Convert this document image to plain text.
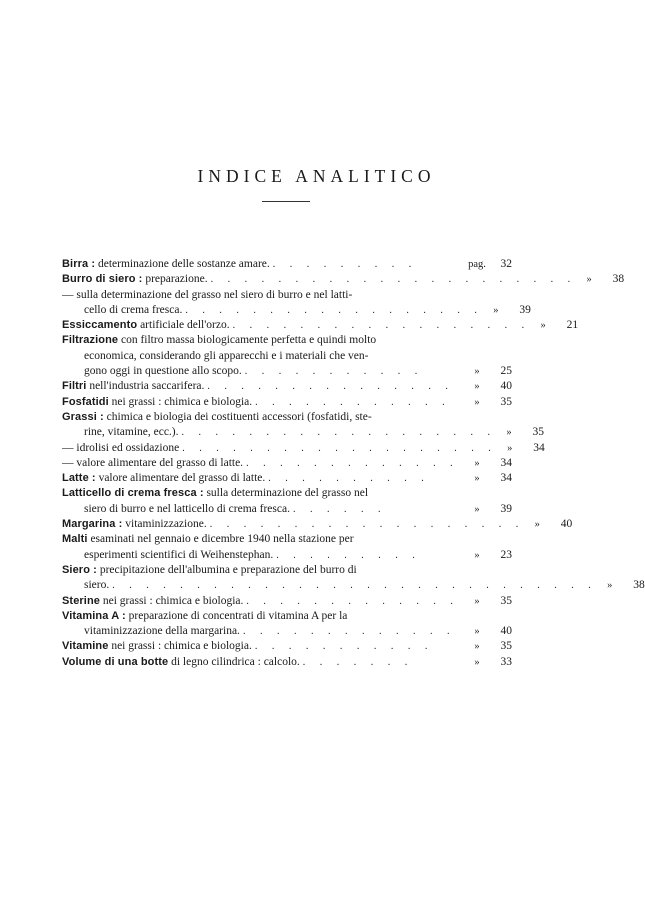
INDICE ANALITICO
Birra : determinazione delle sostanze amare. . . . . . . . . .	pag.	32
Burro di siero : preparazione. . . . . . . . . . . . . . . . . . . . . . . »	38
— sulla determinazione del grasso nel siero di burro e nel latti-
cello di crema fresca. . . . . . . . . . . . . . . . . . . »	39
Essiccamento artificiale dell'orzo. . . . . . . . . . . . . . . . . . . »	21
Filtrazione con filtro massa biologicamente perfetta e quindi molto
economica, considerando gli apparecchi e i materiali che ven-
gono oggi in questione allo scopo. . . . . . . . . . . .	»	25
Filtri nell'industria saccarifera. . . . . . . . . . . . . . . .	»	40
Fosfatidi nei grassi : chimica e biologia. . . . . . . . . . . . .	»	35
Grassi : chimica e biologia dei costituenti accessori (fosfatidi, ste-
rine, vitamine, ecc.). . . . . . . . . . . . . . . . . . . . »	35
— idrolisi ed ossidazione . . . . . . . . . . . . . . . . . . . »	34
— valore alimentare del grasso di latte. . . . . . . . . . . . . .	»	34
Latte : valore alimentare del grasso di latte. . . . . . . . . . .	»	34
Latticello di crema fresca : sulla determinazione del grasso nel
siero di burro e nel latticello di crema fresca. . . . . . .	»	39
Margarina : vitaminizzazione. . . . . . . . . . . . . . . . . . . . »	40
Malti esaminati nel gennaio e dicembre 1940 nella stazione per
esperimenti scientifici di Weihenstephan. . . . . . . . . .	»	23
Siero : precipitazione dell'albumina e preparazione del burro di
siero. . . . . . . . . . . . . . . . . . . . . . . . . . . . . . »	38
Sterine nei grassi : chimica e biologia. . . . . . . . . . . . . .	»	35
Vitamina A : preparazione di concentrati di vitamina A per la
vitaminizzazione della margarina. . . . . . . . . . . . . .	»	40
Vitamine nei grassi : chimica e biologia. . . . . . . . . . . .	»	35
Volume di una botte di legno cilindrica : calcolo. . . . . . . .	»	33
